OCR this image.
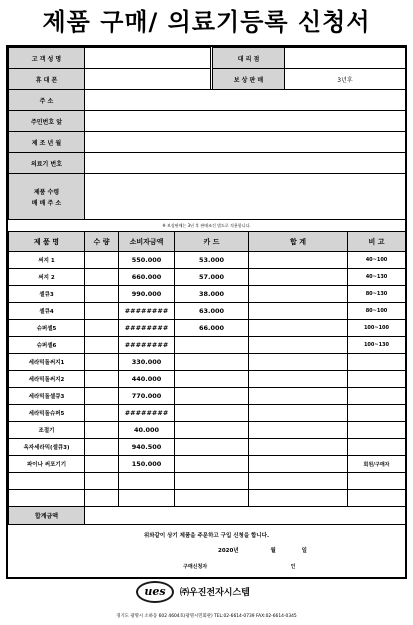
제품 구매/ 의료기등록 신청서
고 객 성 명			대 리 점	
휴 대 폰			보 상 판 매	3년후
주 소				
주민번호 앞				
제 조 년 월				
의료기 번호				

제품 수령
배 배 주 소				

※ 보상판매는 3년 후 판매조건 별도로 적용합니다.
제 품 명	수 량	소비자금액	카 드	합 계	비 고
써지 1		550.000	53.000		40~100
써지 2		660.000	57.000		40~130
셀큐3		990.000	38.000		80~130
셀큐4		########	63.000		80~100
슈퍼셀5		########	66.000		100~100
슈퍼셀6		########			100~130
세라믹돌써지1		330.000			
세라믹돌써지2		440.000			
세라믹돌셀큐3		770.000			
세라믹돌슈퍼5		########			
조절기		40.000			
옥자세라믹(셀큐3)		940.500			
파이나 써포기기		150.000			회원/구매자

합계금액					
위와같이 상기 제품을 주문하고 구입 신청을 합니다.
2020년	월	일
구매신청자	인
ues	㈜우진전자시스템
경기도 광명시 소하동 602 4604호(광명시민회관) TEL:02-6614-0739 FAX:02-6614-0345
